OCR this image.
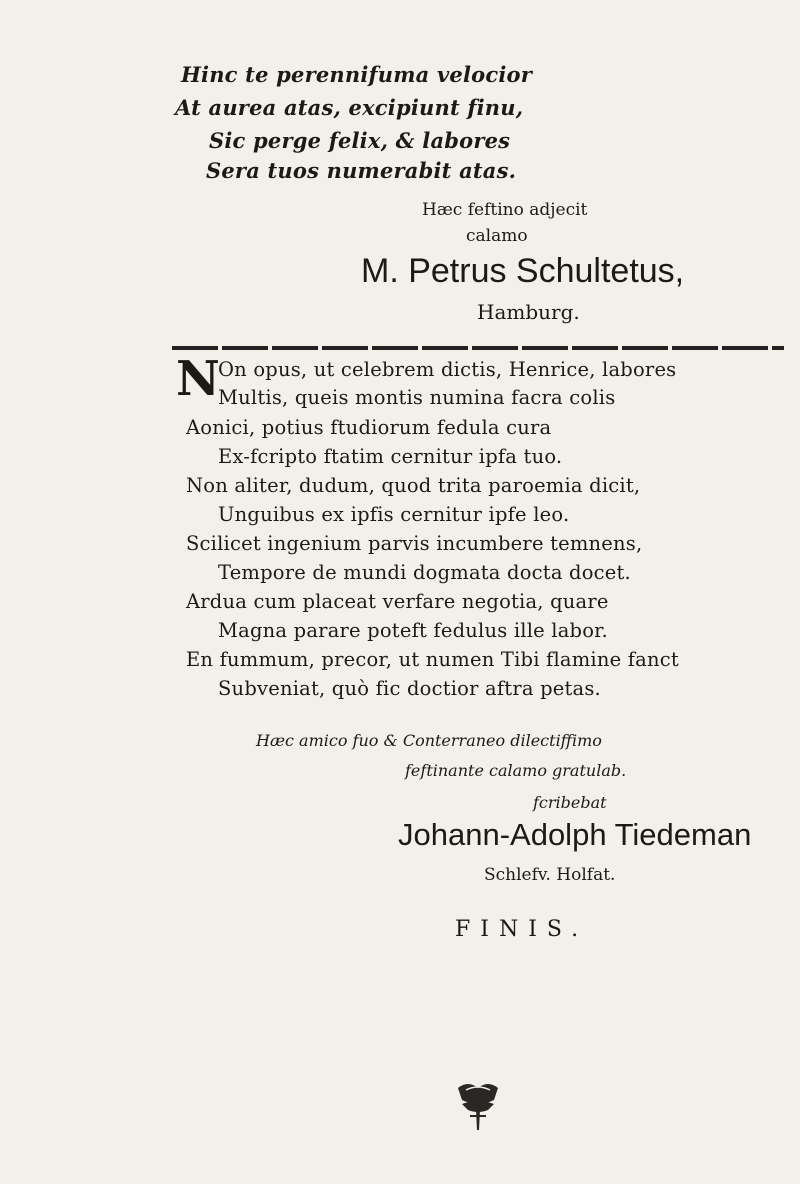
Hinc te perennifuma velocior
At aurea atas, excipiunt finu,
Sic perge felix, & labores
Sera tuos numerabit atas.
Hæc feftino adjecit
calamo
M. Petrus Schultetus,
Hamburg.
N
On opus, ut celebrem dictis, Henrice, labores
Multis, queis montis numina facra colis
Aonici, potius ftudiorum fedula cura
Ex-fcripto ftatim cernitur ipfa tuo.
Non aliter, dudum, quod trita paroemia dicit,
Unguibus ex ipfis cernitur ipfe leo.
Scilicet ingenium parvis incumbere temnens,
Tempore de mundi dogmata docta docet.
Ardua cum placeat verfare negotia, quare
Magna parare poteft fedulus ille labor.
En fummum, precor, ut numen Tibi flamine fanct
Subveniat, quò fic doctior aftra petas.
Hæc amico fuo & Conterraneo dilectiffimo
feftinante calamo gratulab.
fcribebat
Johann-Adolph Tiedeman
Schlefv. Holfat.
FINIS.
